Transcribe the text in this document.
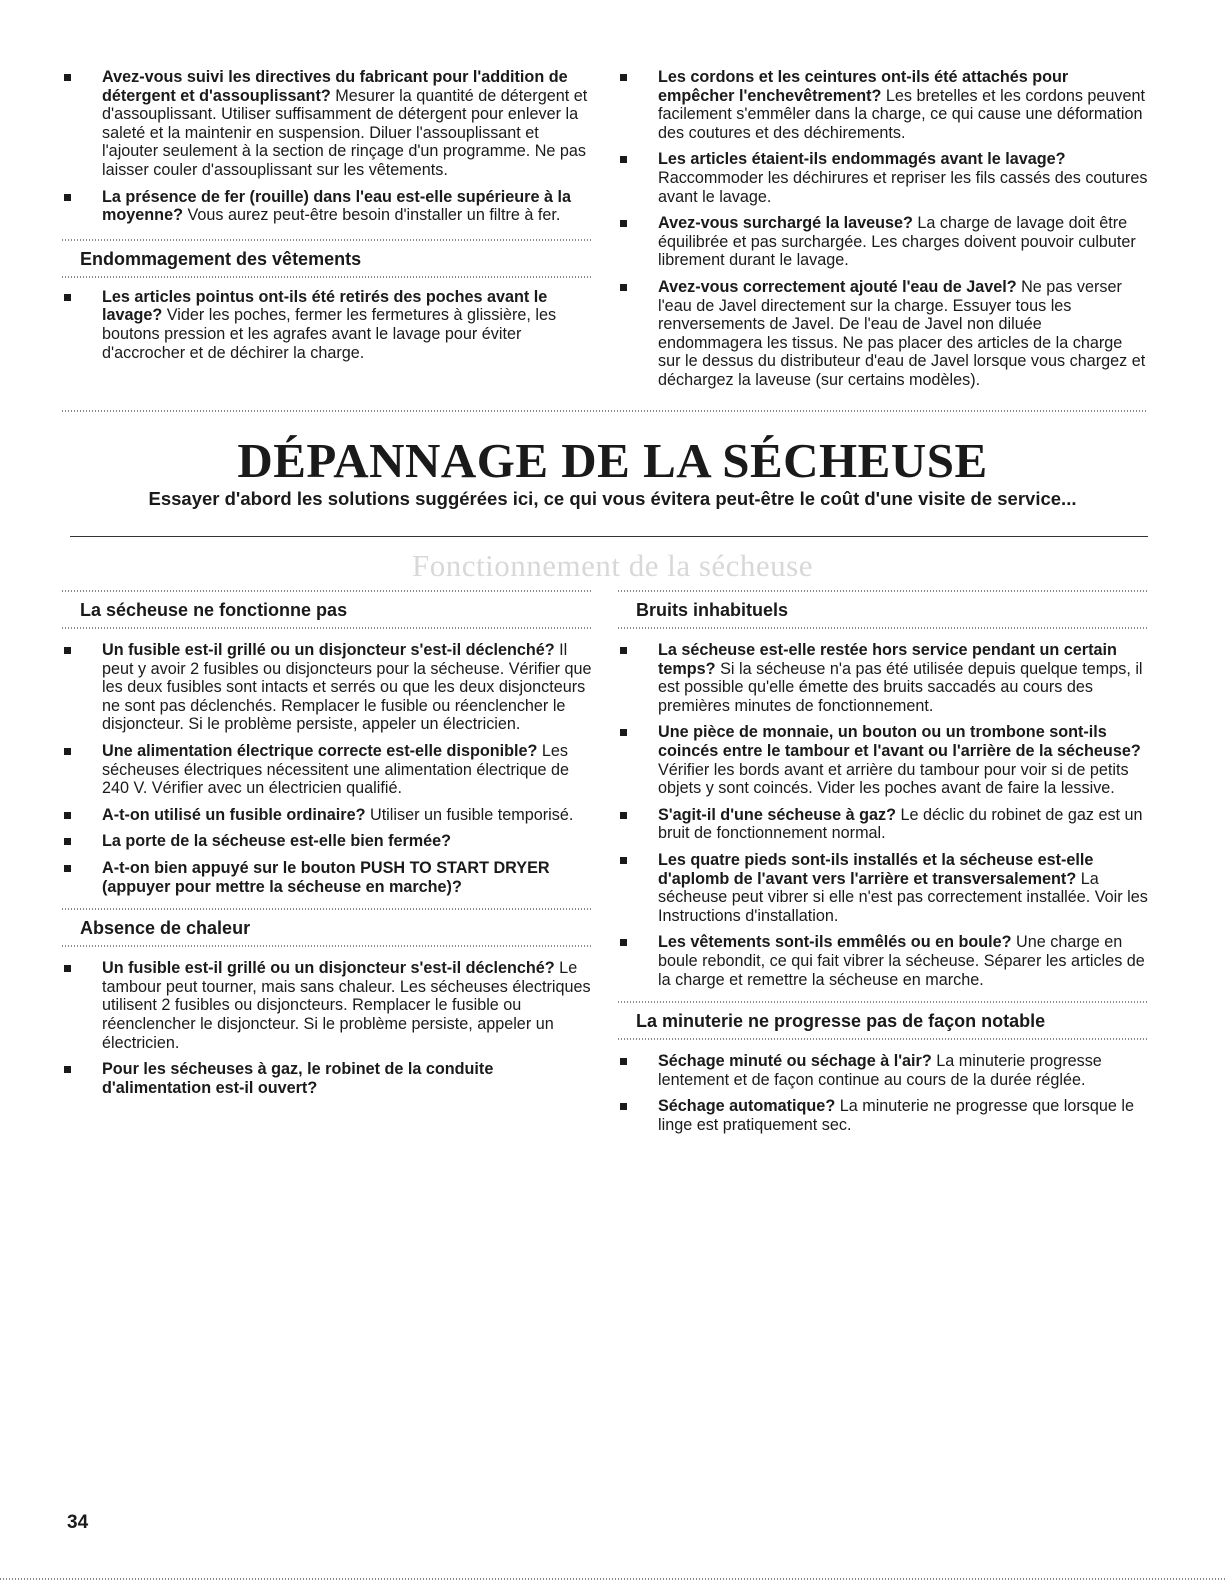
Avez-vous suivi les directives du fabricant pour l'addition de détergent et d'assouplissant? Mesurer la quantité de détergent et d'assouplissant. Utiliser suffisamment de détergent pour enlever la saleté et la maintenir en suspension. Diluer l'assouplissant et l'ajouter seulement à la section de rinçage d'un programme. Ne pas laisser couler d'assouplissant sur les vêtements.
La présence de fer (rouille) dans l'eau est-elle supérieure à la moyenne? Vous aurez peut-être besoin d'installer un filtre à fer.
Endommagement des vêtements
Les articles pointus ont-ils été retirés des poches avant le lavage? Vider les poches, fermer les fermetures à glissière, les boutons pression et les agrafes avant le lavage pour éviter d'accrocher et de déchirer la charge.
Les cordons et les ceintures ont-ils été attachés pour empêcher l'enchevêtrement? Les bretelles et les cordons peuvent facilement s'emmêler dans la charge, ce qui cause une déformation des coutures et des déchirements.
Les articles étaient-ils endommagés avant le lavage? Raccommoder les déchirures et repriser les fils cassés des coutures avant le lavage.
Avez-vous surchargé la laveuse? La charge de lavage doit être équilibrée et pas surchargée. Les charges doivent pouvoir culbuter librement durant le lavage.
Avez-vous correctement ajouté l'eau de Javel? Ne pas verser l'eau de Javel directement sur la charge. Essuyer tous les renversements de Javel. De l'eau de Javel non diluée endommagera les tissus. Ne pas placer des articles de la charge sur le dessus du distributeur d'eau de Javel lorsque vous chargez et déchargez la laveuse (sur certains modèles).
DÉPANNAGE DE LA SÉCHEUSE
Essayer d'abord les solutions suggérées ici, ce qui vous évitera peut-être le coût d'une visite de service...
Fonctionnement de la sécheuse
La sécheuse ne fonctionne pas
Un fusible est-il grillé ou un disjoncteur s'est-il déclenché? Il peut y avoir 2 fusibles ou disjoncteurs pour la sécheuse. Vérifier que les deux fusibles sont intacts et serrés ou que les deux disjoncteurs ne sont pas déclenchés. Remplacer le fusible ou réenclencher le disjoncteur. Si le problème persiste, appeler un électricien.
Une alimentation électrique correcte est-elle disponible? Les sécheuses électriques nécessitent une alimentation électrique de 240 V. Vérifier avec un électricien qualifié.
A-t-on utilisé un fusible ordinaire? Utiliser un fusible temporisé.
La porte de la sécheuse est-elle bien fermée?
A-t-on bien appuyé sur le bouton PUSH TO START DRYER (appuyer pour mettre la sécheuse en marche)?
Absence de chaleur
Un fusible est-il grillé ou un disjoncteur s'est-il déclenché? Le tambour peut tourner, mais sans chaleur. Les sécheuses électriques utilisent 2 fusibles ou disjoncteurs. Remplacer le fusible ou réenclencher le disjoncteur. Si le problème persiste, appeler un électricien.
Pour les sécheuses à gaz, le robinet de la conduite d'alimentation est-il ouvert?
Bruits inhabituels
La sécheuse est-elle restée hors service pendant un certain temps? Si la sécheuse n'a pas été utilisée depuis quelque temps, il est possible qu'elle émette des bruits saccadés au cours des premières minutes de fonctionnement.
Une pièce de monnaie, un bouton ou un trombone sont-ils coincés entre le tambour et l'avant ou l'arrière de la sécheuse? Vérifier les bords avant et arrière du tambour pour voir si de petits objets y sont coincés. Vider les poches avant de faire la lessive.
S'agit-il d'une sécheuse à gaz? Le déclic du robinet de gaz est un bruit de fonctionnement normal.
Les quatre pieds sont-ils installés et la sécheuse est-elle d'aplomb de l'avant vers l'arrière et transversalement? La sécheuse peut vibrer si elle n'est pas correctement installée. Voir les Instructions d'installation.
Les vêtements sont-ils emmêlés ou en boule? Une charge en boule rebondit, ce qui fait vibrer la sécheuse. Séparer les articles de la charge et remettre la sécheuse en marche.
La minuterie ne progresse pas de façon notable
Séchage minuté ou séchage à l'air? La minuterie progresse lentement et de façon continue au cours de la durée réglée.
Séchage automatique? La minuterie ne progresse que lorsque le linge est pratiquement sec.
34
